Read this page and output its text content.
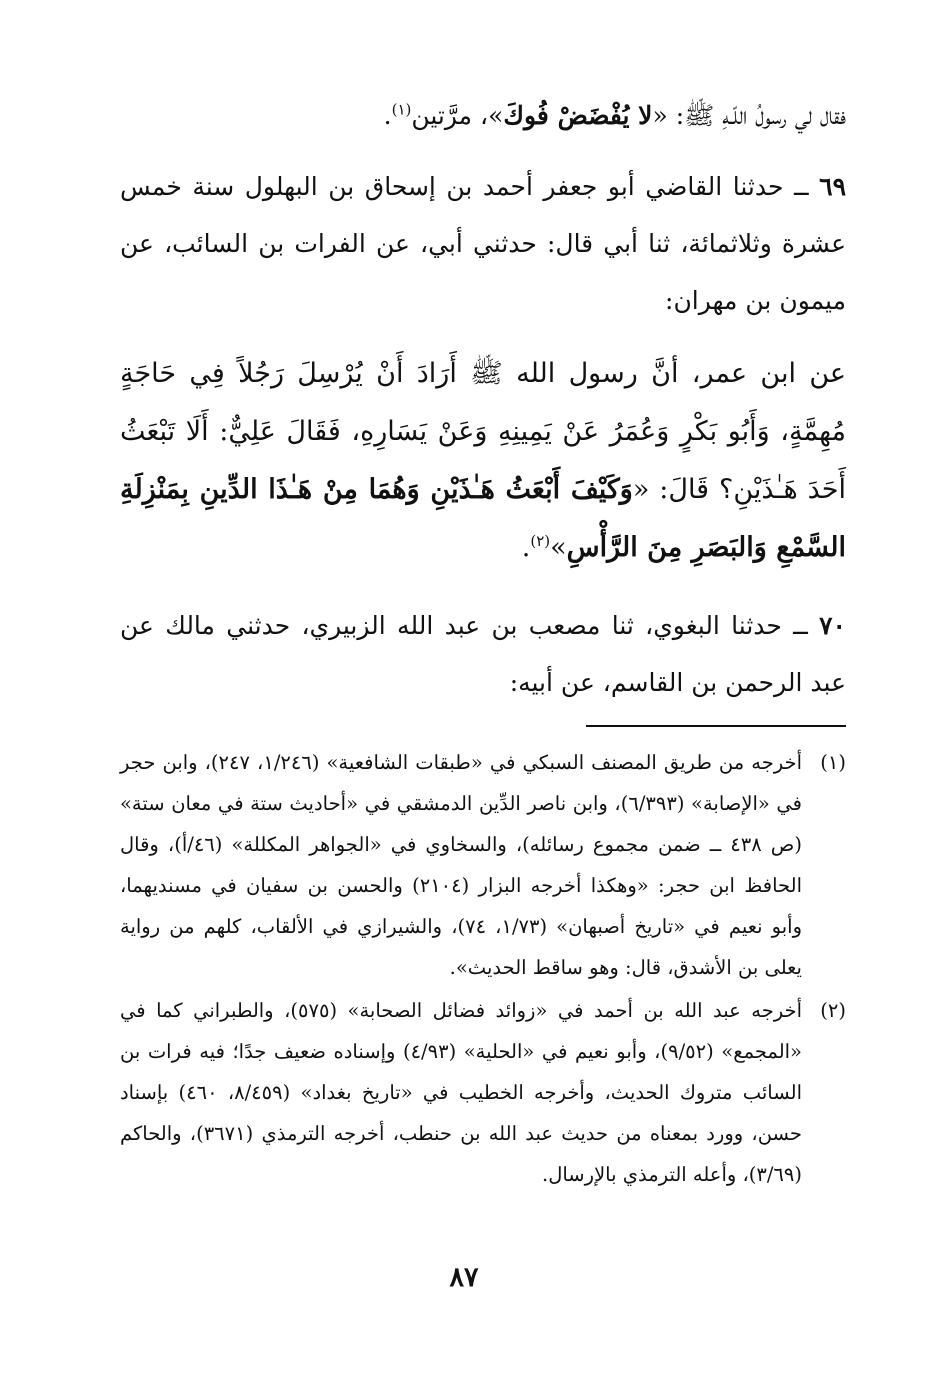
فقال لي رسولُ اللّـهِ ﷺ: «لا يُفْضَضْ فُوكَ»، مرَّتين$^{(١)}$.

٦٩ ــ حدثنا القاضي أبو جعفر أحمد بن إسحاق بن البهلول سنة خمس عشرة وثلاثمائة، ثنا أبي قال: حدثني أبي، عن الفرات بن السائب، عن ميمون بن مهران:

عن ابن عمر، أنَّ رسول الله ﷺ أَرَادَ أَنْ يُرْسِلَ رَجُلاً فِي حَاجَةٍ مُهِمَّةٍ، وَأَبُو بَكْرٍ وَعُمَرُ عَنْ يَمِينِهِ وَعَنْ يَسَارِهِ، فَقَالَ عَلِيٌّ: أَلَا تَبْعَثُ أَحَدَ هَـٰذَيْنِ؟ قَالَ: «وَكَيْفَ أَبْعَثُ هَـٰذَيْنِ وَهُمَا مِنْ هَـٰذَا الدِّينِ بِمَنْزِلَةِ السَّمْعِ وَالبَصَرِ مِنَ الرَّأْسِ»$^{(٢)}$.

٧٠ ــ حدثنا البغوي، ثنا مصعب بن عبد الله الزبيري، حدثني مالك عن عبد الرحمن بن القاسم، عن أبيه:

(١)
أخرجه من طريق المصنف السبكي في «طبقات الشافعية» (١/٢٤٦، ٢٤٧)، وابن حجر في «الإصابة» (٦/٣٩٣)، وابن ناصر الدِّين الدمشقي في «أحاديث ستة في معان ستة» (ص ٤٣٨ ــ ضمن مجموع رسائله)، والسخاوي في «الجواهر المكللة» (٤٦/أ)، وقال الحافظ ابن حجر: «وهكذا أخرجه البزار (٢١٠٤) والحسن بن سفيان في مسنديهما، وأبو نعيم في «تاريخ أصبهان» (١/٧٣، ٧٤)، والشيرازي في الألقاب، كلهم من رواية يعلى بن الأشدق، قال: وهو ساقط الحديث».

(٢)
أخرجه عبد الله بن أحمد في «زوائد فضائل الصحابة» (٥٧٥)، والطبراني كما في «المجمع» (٩/٥٢)، وأبو نعيم في «الحلية» (٤/٩٣) وإسناده ضعيف جدًا؛ فيه فرات بن السائب متروك الحديث، وأخرجه الخطيب في «تاريخ بغداد» (٨/٤٥٩، ٤٦٠) بإسناد حسن، وورد بمعناه من حديث عبد الله بن حنطب، أخرجه الترمذي (٣٦٧١)، والحاكم (٣/٦٩)، وأعله الترمذي بالإرسال.

٨٧
